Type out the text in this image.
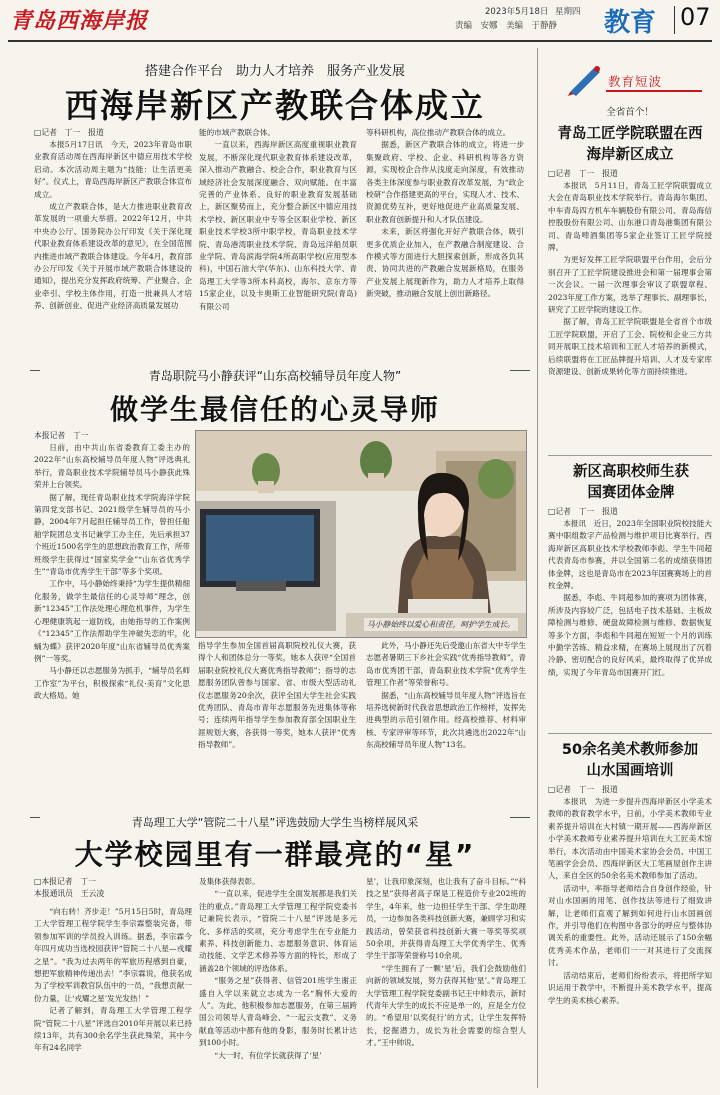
青岛西海岸报	2023年5月18日 星期四
责编　安娜　美编　于静静 教育 07
搭建合作平台　助力人才培养　服务产业发展
西海岸新区产教联合体成立
□记者　丁一　报道

本报5月17日讯　今天，2023年青岛市职业教育活动周在西海岸新区中德应用技术学校启动。本次活动周主题为“技能：让生活更美好”。仪式上，青岛西海岸新区产教联合体宣布成立。

成立产教联合体，是大力推进职业教育改革发展的一项重大举措。2022年12月，中共中央办公厅、国务院办公厅印发《关于深化现代职业教育体系建设改革的意见》，在全国范围内推进市域产教联合体建设。今年4月，教育部办公厅印发《关于开展市域产教联合体建设的通知》，提出充分发挥政府统筹、产业聚合、企业牵引、学校主体作用，打造一批兼具人才培养、创新创业、促进产业经济高质量发展功

能的市域产教联合体。

一直以来，西海岸新区高度重视职业教育发展，不断深化现代职业教育体系建设改革，深入推动产教融合、校企合作，职业教育与区域经济社会发展深度融合、双向赋能。在丰富完善的产业体系、良好的职业教育发展基础上，新区聚势而上，充分整合新区中德应用技术学校、新区职业中专等全区职业学校、新区职业技术学校3所中职学校，青岛职业技术学院、青岛港湾职业技术学院、青岛远洋船员职业学院、青岛滨海学院4所高职学校(应用型本科)，中国石油大学(华东)、山东科技大学、青岛理工大学等3所本科高校，海尔、京东方等15家企业，以及卡奥斯工业智能研究院(青岛)有限公司

等科研机构，高位推动产教联合体的成立。

据悉，新区产教联合体的成立，将进一步集聚政府、学校、企业、科研机构等各方资源，实现校企合作从浅度走向深度，有效推动各类主体深度参与职业教育改革发展，为“政企校研”合作搭建更高的平台，实现人才、技术、资源优势互补，更好地促进产业高质量发展、职业教育创新提升和人才队伍建设。

未来，新区将强化开好产教联合体，吸引更多优质企业加入，在产教融合制度建设、合作模式等方面进行大胆探索创新，形成各负其责、协同共进的产教融合发展新格局，在服务产业发展上展现新作为，助力人才培养上取得新突破，推动融合发展上创出新路径。

青岛职院马小静获评“山东高校辅导员年度人物”
做学生最信任的心灵导师
本报记者　丁一

日前，由中共山东省委教育工委主办的2022年“山东高校辅导员年度人物”评选典礼举行，青岛职业技术学院辅导员马小静获此殊荣并上台领奖。

据了解，现任青岛职业技术学院海洋学院第四党支部书记、2021级学生辅导员的马小静，2004年7月起担任辅导员工作，曾担任船舶学院团总支书记兼学工办主任，先后承担37个班近1500名学生的思想政治教育工作，所带班级学生获得过“国家奖学金”“山东省优秀学生”“青岛市优秀学生干部”等多个奖项。

工作中，马小静始终秉持“为学生提供精细化服务，做学生最信任的心灵导师”理念，创新“12345”工作法处理心理危机事件，为学生心理健康筑起一道防线，由她指导的工作案例《“12345”工作法帮助学生冲破失恋的牢，化蛹为蝶》获评2020年度“山东省辅导员优秀案例”一等奖。

马小静还以志愿服务为抓手，“辅导员名师工作室”为平台，积极探索“礼仪·美育”文化思政大格局。她

马小静始终以爱心和责任，呵护学生成长。

指导学生参加全国首届高职院校礼仪大赛，获得个人和团体总分一等奖，她本人获评“全国首届职业院校礼仪大赛优秀指导教师”；指导的志愿服务团队曾参与国家、省、市级大型活动礼仪志愿服务20余次，获评全国大学生社会实践优秀团队、青岛市青年志愿服务先进集体等称号；连续两年指导学生参加教育部全国职业生涯规划大赛，各获得一等奖，她本人获评“优秀指导教师”。

此外，马小静还先后受邀山东省大中专学生志愿者暑期三下乡社会实践“优秀指导教师”，青岛市优秀团干部，青岛职业技术学院“优秀学生管理工作者”等荣誉称号。

据悉，“山东高校辅导员年度人物”评选旨在培养选树新时代我省思想政治工作榜样，发挥先进典型的示范引领作用。经高校推荐、材料审核、专家评审等环节，此次共遴选出2022年“山东高校辅导员年度人物”13名。

青岛理工大学“管院二十八星”评选鼓励大学生当榜样展风采
大学校园里有一群最亮的“星”
□本报记者　丁一
本报通讯员　王云凌

“向右转！齐步走！”5月15日5时，青岛理工大学管理工程学院学生李宗霖整装完备，带领参加军训的学员投入训练。据悉，李宗霖今年四月成功当选校园获评“管院二十八星—戎耀之星”。“我为过去两年的军旅历程感到自豪，想把军旅精神传递出去！”李宗霖说，他获名成为了学校军训教官队伍中的一员，“我想贡献一份力量，让‘戎耀之星’发光发热！”

记者了解到，青岛理工大学管理工程学院“管院二十八星”评选自2010年开展以来已持续13年，共有300余名学生获此殊荣，其中今年有24名同学

及集体获得表彰。

“一直以来，促进学生全面发展都是我们关注的重点。”青岛理工大学管理工程学院党委书记兼院长表示，“管院二十八星”评选是多元化、多样活的奖项，充分考虑学生在专业能力素养、科技创新能力、志愿服务意识、体育运动技能、文学艺术修养等方面的特长，形成了涵盖28个领域的评选体系。

“服务之星”获得者、信管201班学生谢正盛自入学以来就立志成为一名“胸怀大爱的人”。为此，他积极参加志愿服务，在第三届跨国公司领导人青岛峰会、“一起云支教”、义务献血等活动中都有他的身影，服务时长累计达到100小时。

“大一时，有位学长就获得了‘星’

星’，让我印象深刻，也让我有了奋斗目标。”“科技之星”获得者高子琛是工程造价专业202班的学生，4年来，他一边担任学生干部、学生助理员，一边参加各类科技创新大赛，兼顾学习和实践活动，曾荣获省科技创新大赛一等奖等奖项50余项，并获得青岛理工大学优秀学生、优秀学生干部等荣誉称号10余项。

“学生拥有了一颗‘星’后，我们会鼓励他们向新的领域发展，努力获得其他‘星’。”青岛理工大学管理工程学院党委副书记王中帅表示，新时代青年大学生的成长不应是单一的，应是全方位的。“希望用‘以奖促行’的方式，让学生发挥特长，挖掘潜力，成长为社会需要的综合型人才。”王中帅说。

教育短波
全省首个！
青岛工匠学院联盟在西海岸新区成立
□记者　丁一　报道

本报讯　5月11日，青岛工匠学院联盟成立大会在青岛职业技术学院举行。青岛海尔集团、中车青岛四方机车车辆股份有限公司、青岛海信控股股份有限公司、山东港口青岛港集团有限公司、青岛啤酒集团等5家企业签订工匠学院授牌。

为更好发挥工匠学院联盟平台作用，会后分别召开了工匠学院建设推进会和第一届理事会第一次会议。一届一次理事会审议了联盟章程、2023年度工作方案，选举了理事长、副理事长，研究了工匠学院的建设工作。

据了解，青岛工匠学院联盟是全省首个市级工匠学院联盟，开启了工会、院校和企业三方共同开展职工技术培训和工匠人才培养的新模式，后续联盟将在工匠品牌提升培训、人才及专家库资源建设、创新成果转化等方面持续推进。

新区高职校师生获国赛团体金牌
□记者　丁一　报道

本报讯　近日，2023年全国职业院校技能大赛中职组数字产品检测与维护项目比赛举行，西海岸新区高职业技术学校教师李彪、学生牛同超代表青岛市参赛，并以全国第二名的成绩获得团体金牌，这也是青岛市在2023年国赛赛场上的首枚金牌。

据悉，李彪、牛同超参加的赛项为团体赛，所涉及内容较广泛，包括电子技术基础、主板故障检测与维修、硬盘故障检测与维修、数据恢复等多个方面，李彪和牛同超在短短一个月的训练中勤学苦练、精益求精，在赛场上展现出了沉着冷静、密切配合的良好风采，最终取得了优异成绩，实现了今年青岛市国赛开门红。

50余名美术教师参加山水国画培训
□记者　丁一　报道

本报讯　为进一步提升西海岸新区小学美术教师的教育教学水平，日前，小学美术教师专业素养提升培训在大村镇一期开展——西海岸新区小学美术教师专业素养提升培训在大工匠美术馆举行，本次活动由中国美术家协会会员、中国工笔画学会会员、西海岸新区大工笔画屋创作主讲人，来自全区的50余名美术教师参加了活动。

活动中，率指导老师结合自身创作经验，针对山水国画的用笔、创作技法等进行了细致讲解，让老师们直观了解到如何进行山水国画创作，并引导他们在构图中各部分的呼应与整体协调关系的重要性。此外，活动还展示了150余幅优秀美术作品，老师们一一对其进行了交流探讨。

活动结束后，老师们纷纷表示，将把所学知识运用于教学中，不断提升美术教学水平，提高学生的美术核心素养。
